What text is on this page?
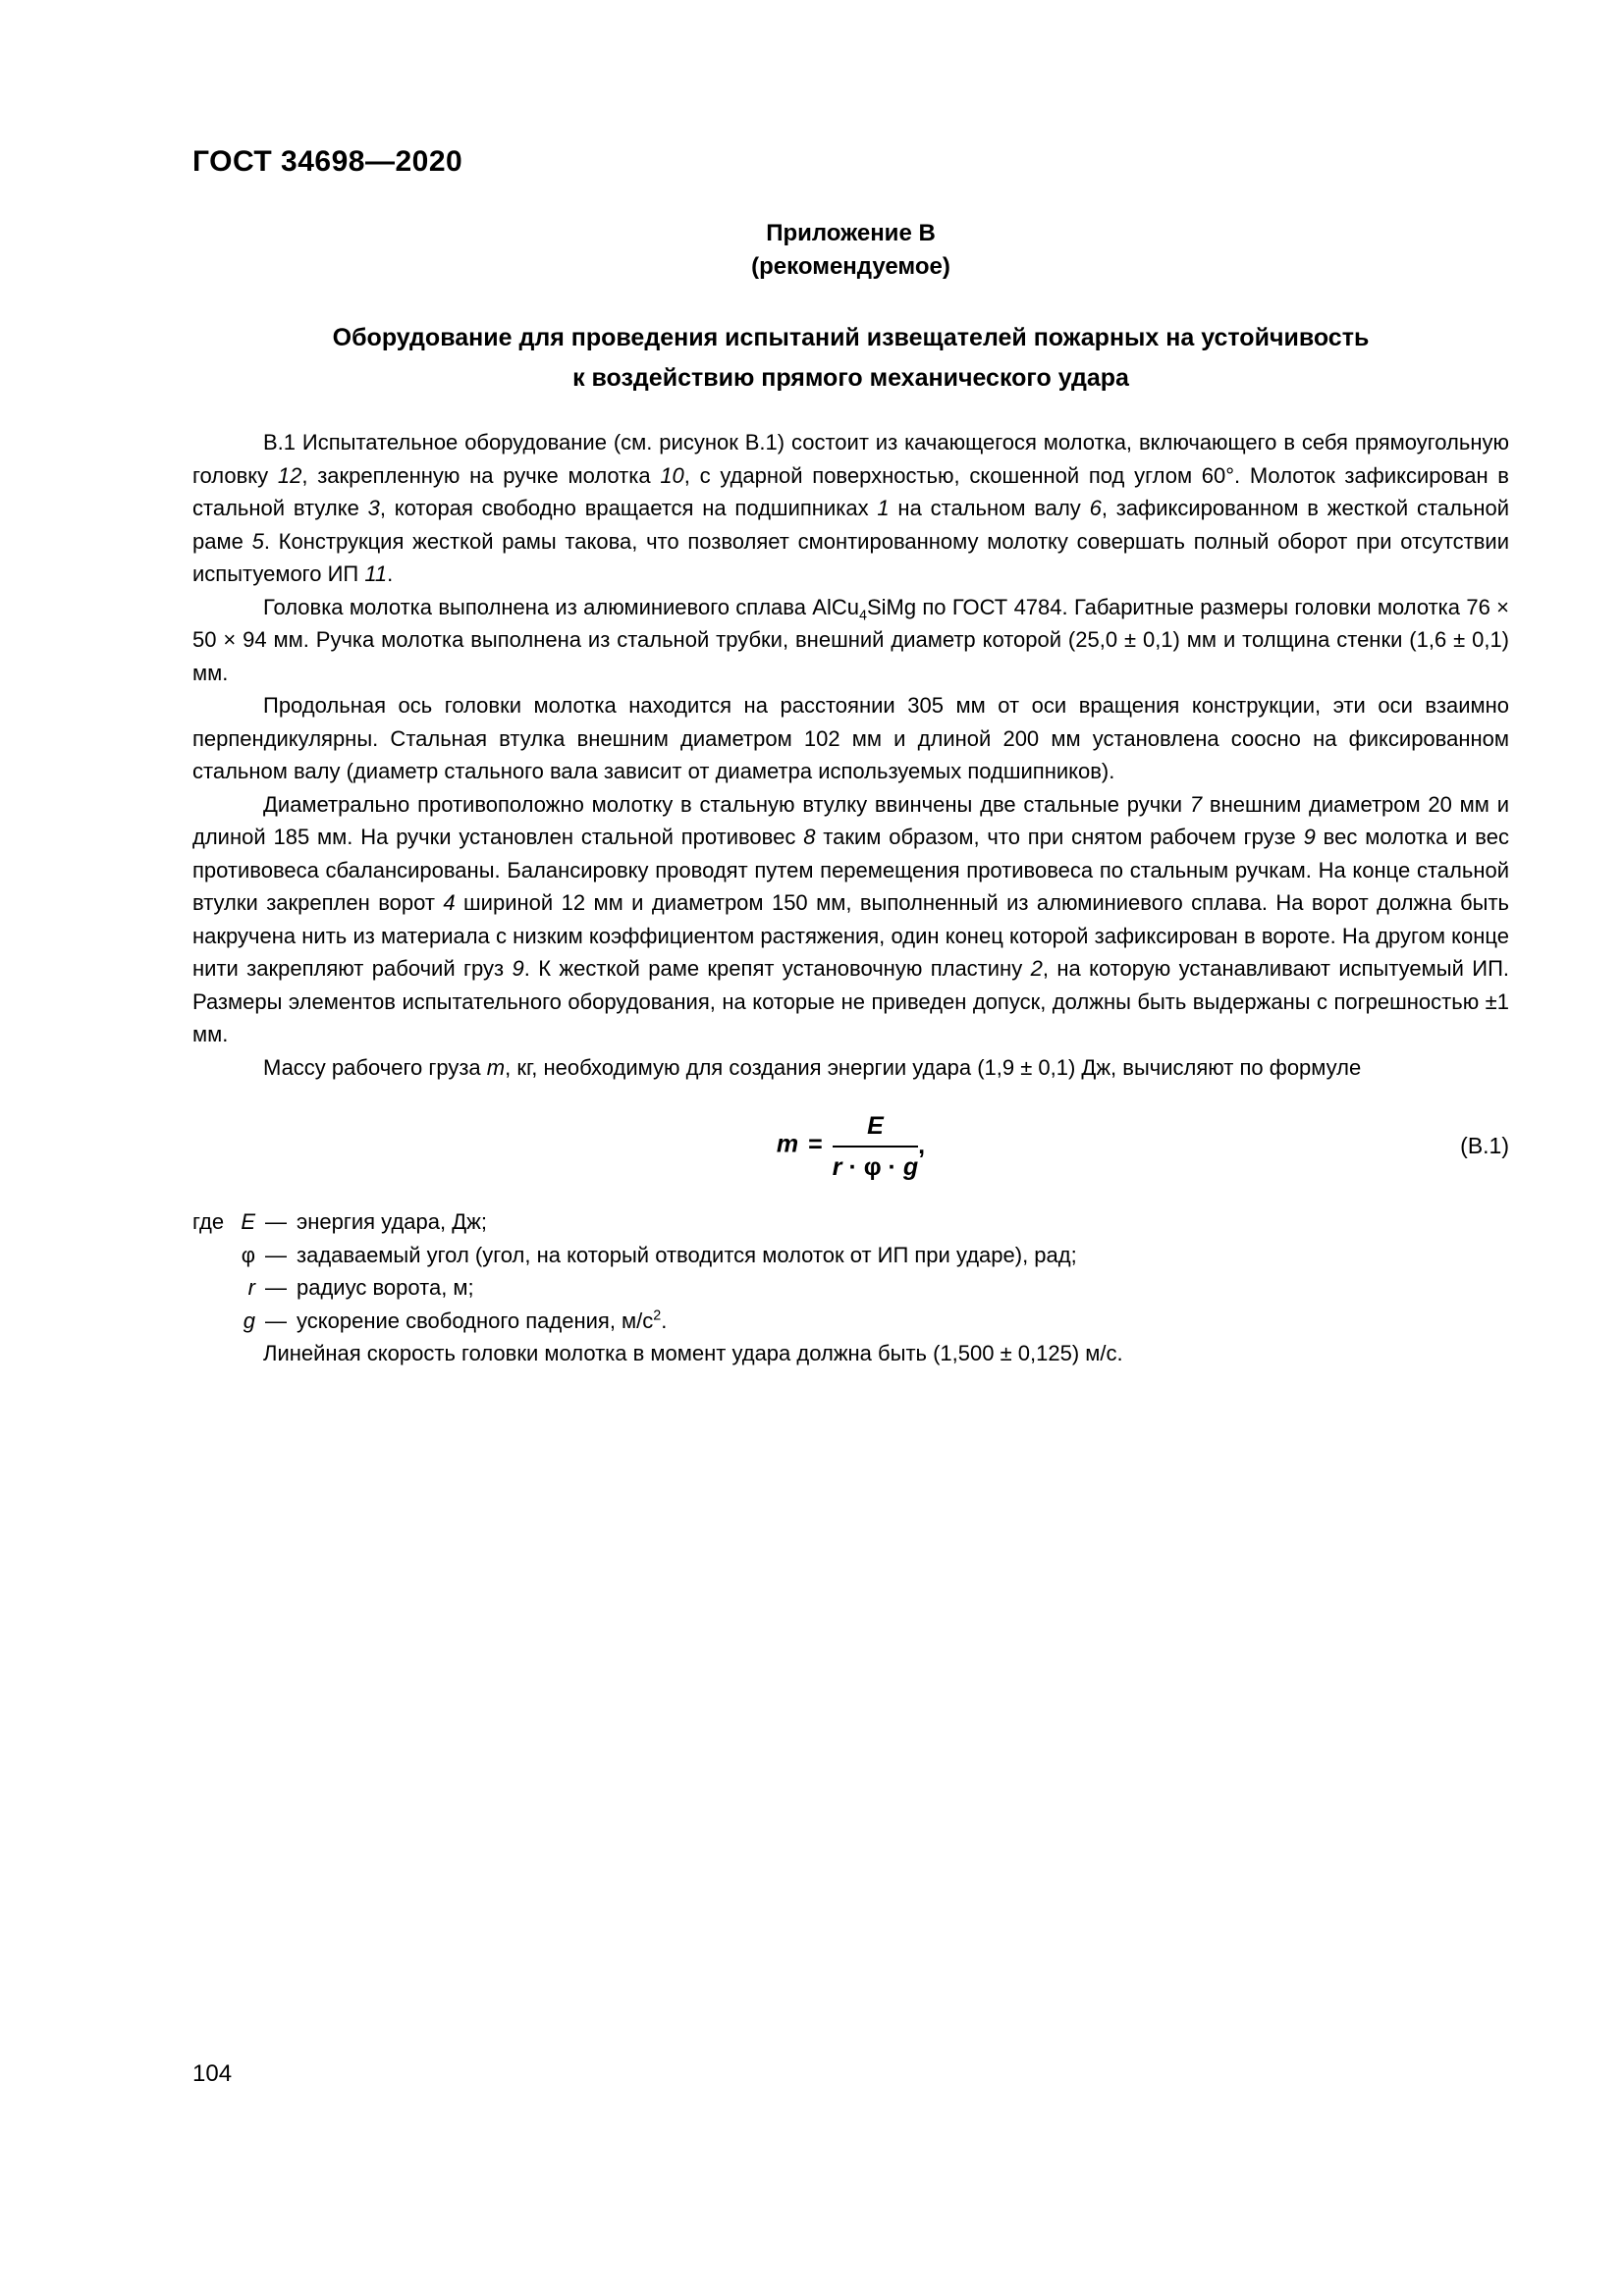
ГОСТ 34698—2020
Приложение В
(рекомендуемое)
Оборудование для проведения испытаний извещателей пожарных на устойчивость
к воздействию прямого механического удара

В.1 Испытательное оборудование (см. рисунок В.1) состоит из качающегося молотка, включающего в себя прямоугольную головку 12, закрепленную на ручке молотка 10, с ударной поверхностью, скошенной под углом 60°. Молоток зафиксирован в стальной втулке 3, которая свободно вращается на подшипниках 1 на стальном валу 6, зафиксированном в жесткой стальной раме 5. Конструкция жесткой рамы такова, что позволяет смонтированному молотку совершать полный оборот при отсутствии испытуемого ИП 11.

Головка молотка выполнена из алюминиевого сплава AlCu$_4$SiMg по ГОСТ 4784. Габаритные размеры головки молотка 76 × 50 × 94 мм. Ручка молотка выполнена из стальной трубки, внешний диаметр которой (25,0 ± 0,1) мм и толщина стенки (1,6 ± 0,1) мм.

Продольная ось головки молотка находится на расстоянии 305 мм от оси вращения конструкции, эти оси взаимно перпендикулярны. Стальная втулка внешним диаметром 102 мм и длиной 200 мм установлена соосно на фиксированном стальном валу (диаметр стального вала зависит от диаметра используемых подшипников).

Диаметрально противоположно молотку в стальную втулку ввинчены две стальные ручки 7 внешним диаметром 20 мм и длиной 185 мм. На ручки установлен стальной противовес 8 таким образом, что при снятом рабочем грузе 9 вес молотка и вес противовеса сбалансированы. Балансировку проводят путем перемещения противовеса по стальным ручкам. На конце стальной втулки закреплен ворот 4 шириной 12 мм и диаметром 150 мм, выполненный из алюминиевого сплава. На ворот должна быть накручена нить из материала с низким коэффициентом растяжения, один конец которой зафиксирован в вороте. На другом конце нити закрепляют рабочий груз 9. К жесткой раме крепят установочную пластину 2, на которую устанавливают испытуемый ИП. Размеры элементов испытательного оборудования, на которые не приведен допуск, должны быть выдержаны с погрешностью ±1 мм.

Массу рабочего груза m, кг, необходимую для создания энергии удара (1,9 ± 0,1) Дж, вычисляют по формуле

$m = \frac{E}{r \cdot \varphi \cdot g}$ ,	(В.1)
где E — энергия удара, Дж;
φ — задаваемый угол (угол, на который отводится молоток от ИП при ударе), рад;
r — радиус ворота, м;
g — ускорение свободного падения, $м/с^2$.

Линейная скорость головки молотка в момент удара должна быть (1,500 ± 0,125) м/с.

104
